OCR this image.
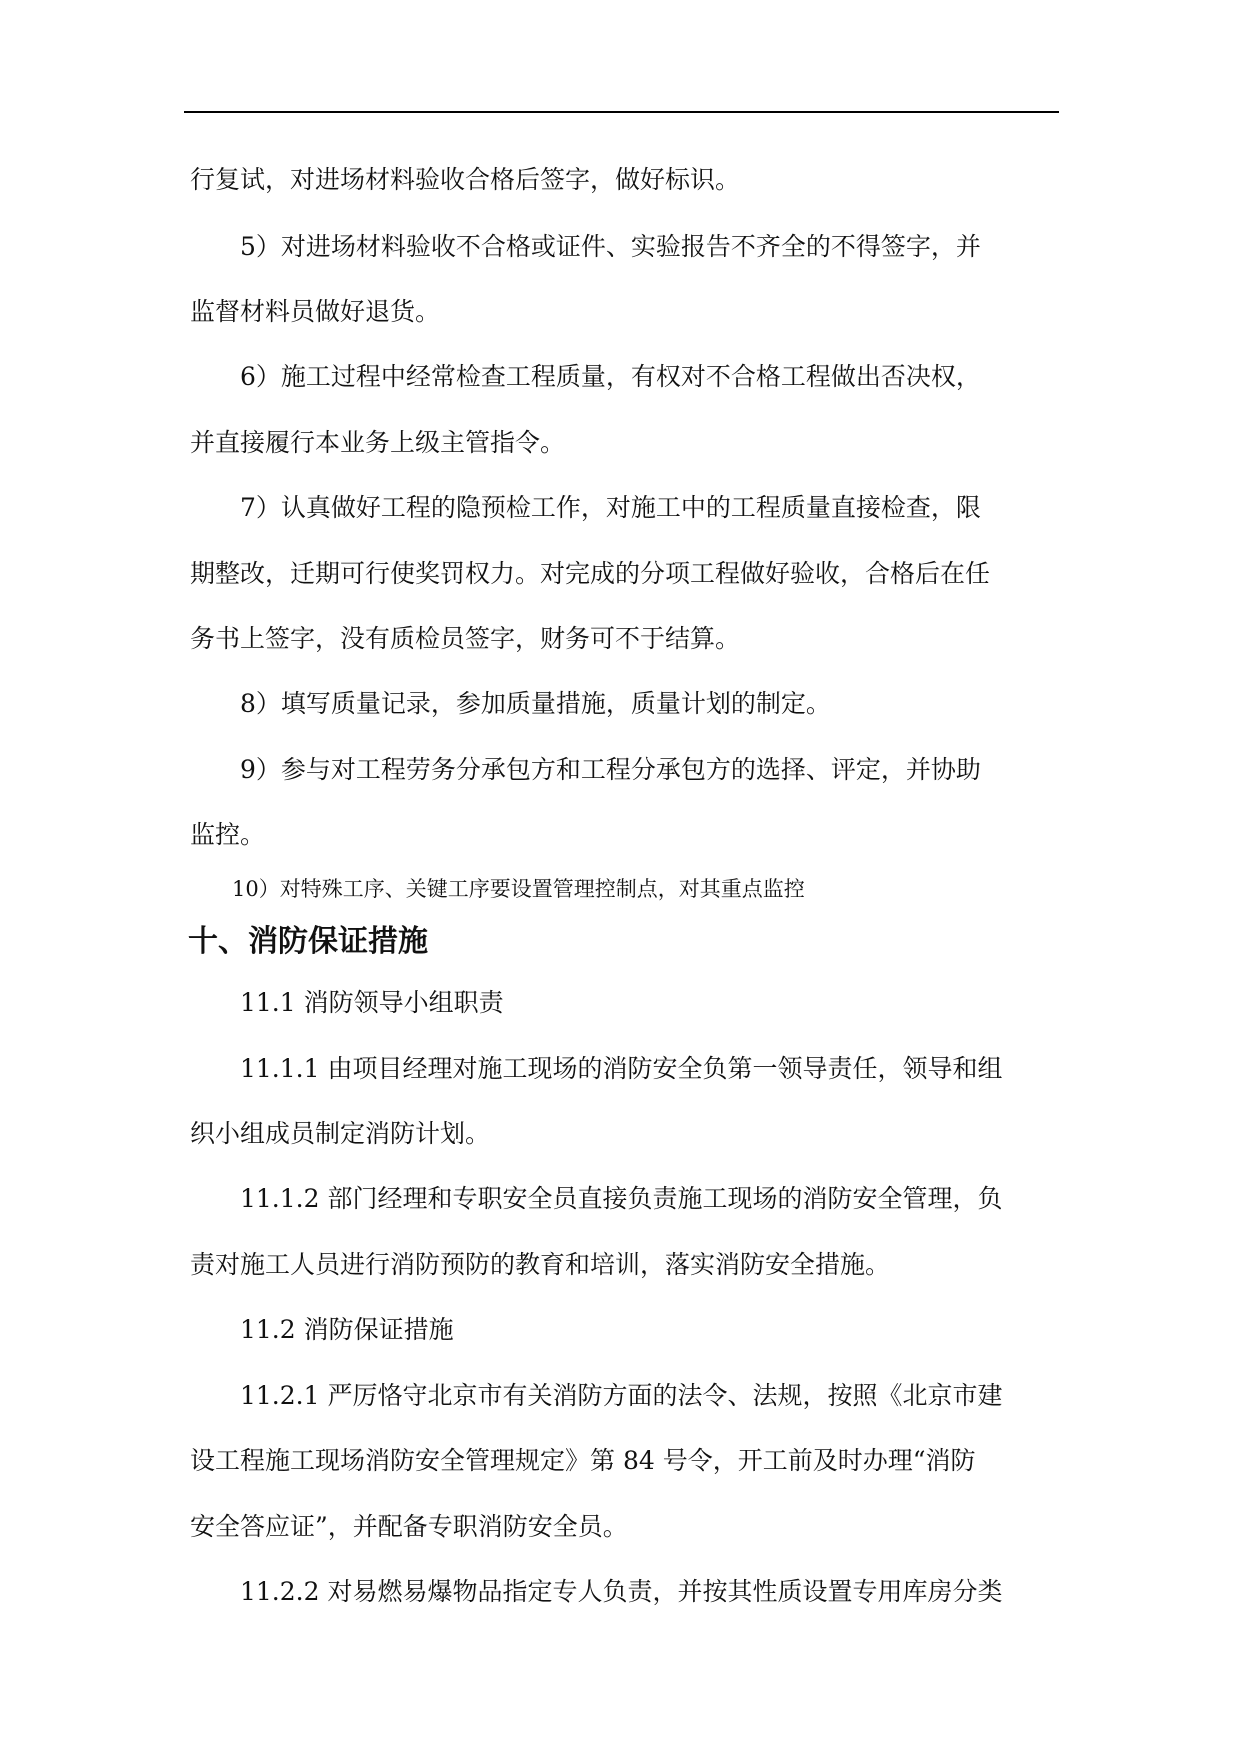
行复试，对进场材料验收合格后签字，做好标识。
5）对进场材料验收不合格或证件、实验报告不齐全的不得签字，并
监督材料员做好退货。
6）施工过程中经常检查工程质量，有权对不合格工程做出否决权，
并直接履行本业务上级主管指令。
7）认真做好工程的隐预检工作，对施工中的工程质量直接检查，限
期整改，迁期可行使奖罚权力。对完成的分项工程做好验收，合格后在任
务书上签字，没有质检员签字，财务可不于结算。
8）填写质量记录，参加质量措施，质量计划的制定。
9）参与对工程劳务分承包方和工程分承包方的选择、评定，并协助
监控。
10）对特殊工序、关键工序要设置管理控制点，对其重点监控
十、消防保证措施
11.1 消防领导小组职责
11.1.1 由项目经理对施工现场的消防安全负第一领导责任，领导和组
织小组成员制定消防计划。
11.1.2 部门经理和专职安全员直接负责施工现场的消防安全管理，负
责对施工人员进行消防预防的教育和培训，落实消防安全措施。
11.2 消防保证措施
11.2.1 严厉恪守北京市有关消防方面的法令、法规，按照《北京市建
设工程施工现场消防安全管理规定》第 84 号令，开工前及时办理“消防
安全答应证”，并配备专职消防安全员。
11.2.2 对易燃易爆物品指定专人负责，并按其性质设置专用库房分类
